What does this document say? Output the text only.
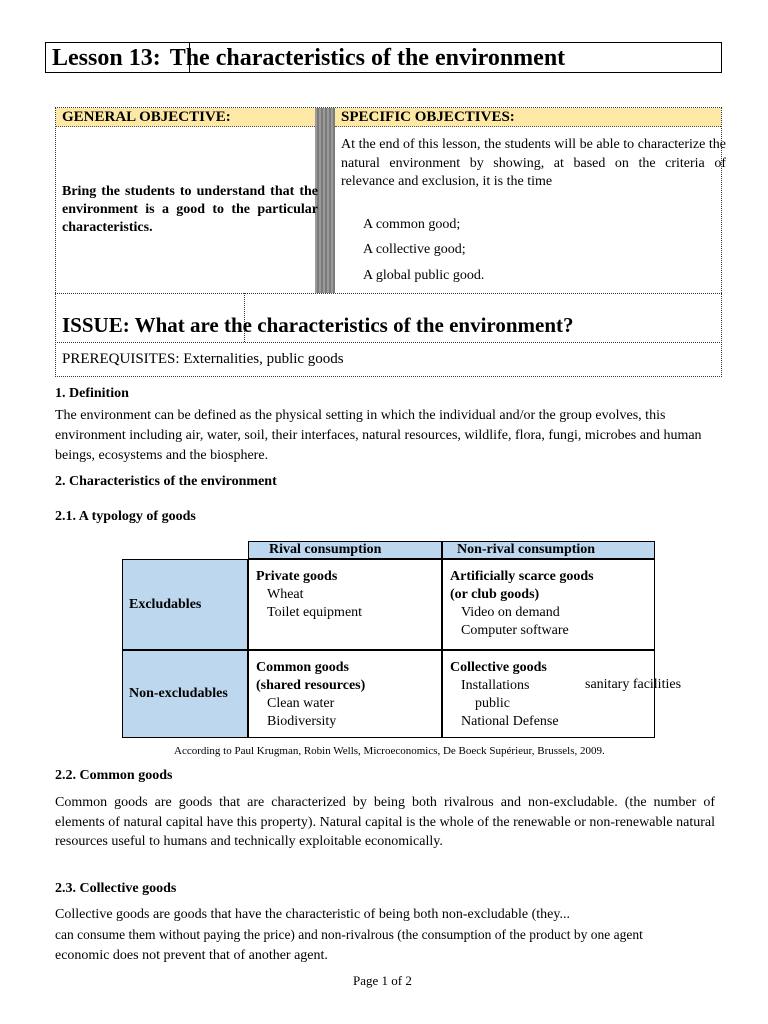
Lesson 13: The characteristics of the environment
GENERAL OBJECTIVE:	SPECIFIC OBJECTIVES:
Bring the students to understand that the environment is a good to the particular characteristics.
At the end of this lesson, the students will be able to characterize the natural environment by showing, at based on the criteria of relevance and exclusion, it is the time
A common good;
A collective good;
A global public good.
ISSUE: What are the characteristics of the environment?
PREREQUISITES: Externalities, public goods
1. Definition
The environment can be defined as the physical setting in which the individual and/or the group evolves, this environment including air, water, soil, their interfaces, natural resources, wildlife, flora, fungi, microbes and human beings, ecosystems and the biosphere.
2. Characteristics of the environment
2.1. A typology of goods
Rival consumption	Non-rival consumption
Excludables
Non-excludables
Private goods
Wheat
Toilet equipment
Artificially scarce goods
(or club goods)
Video on demand
Computer software
Common goods
(shared resources)
Clean water
Biodiversity
Collective goods
Installations
public
National Defense
sanitary facilities
According to Paul Krugman, Robin Wells, Microeconomics, De Boeck Supérieur, Brussels, 2009.
2.2. Common goods
Common goods are goods that are characterized by being both rivalrous and non-excludable. (the number of elements of natural capital have this property). Natural capital is the whole of the renewable or non-renewable natural resources useful to humans and technically exploitable economically.
2.3. Collective goods
Collective goods are goods that have the characteristic of being both non-excludable (they...
can consume them without paying the price) and non-rivalrous (the consumption of the product by one agent
economic does not prevent that of another agent.
Page 1 of 2
